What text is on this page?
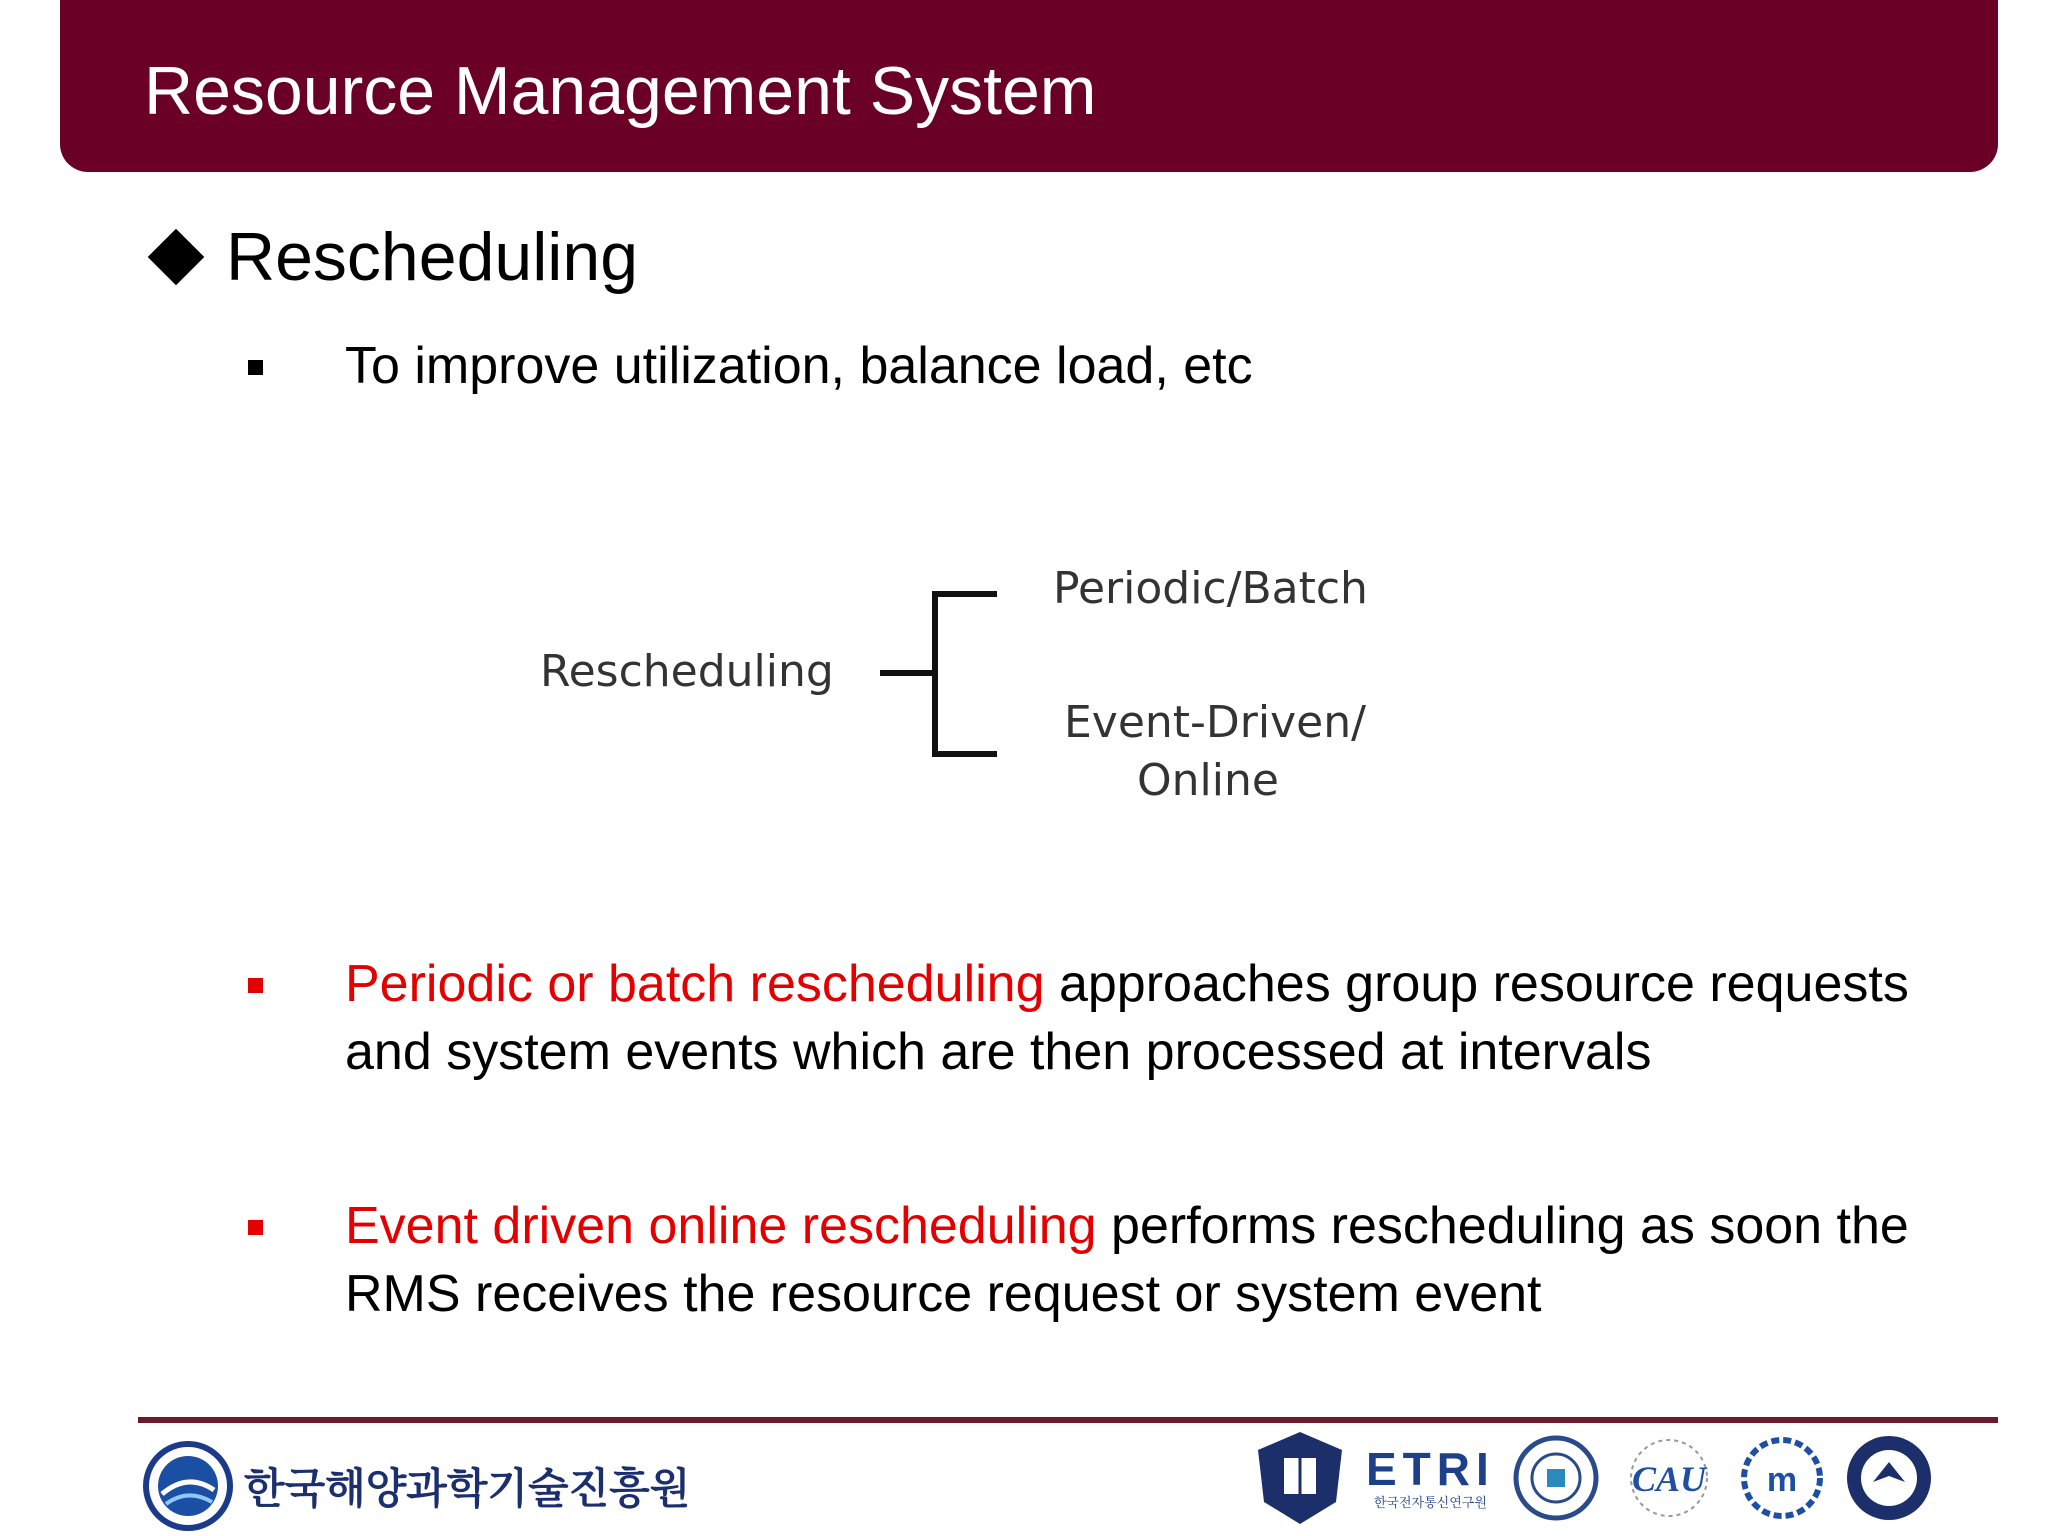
Resource Management System
Rescheduling
To improve utilization, balance load, etc
Rescheduling
Periodic/Batch
Event-Driven/
Online
Periodic or batch rescheduling approaches group resource requests and system events which are then processed at intervals
Event driven online rescheduling performs rescheduling as soon the RMS receives the resource request or system event
한국해양과학기술진흥원	ETRI
한국전자통신연구원
CAU m
